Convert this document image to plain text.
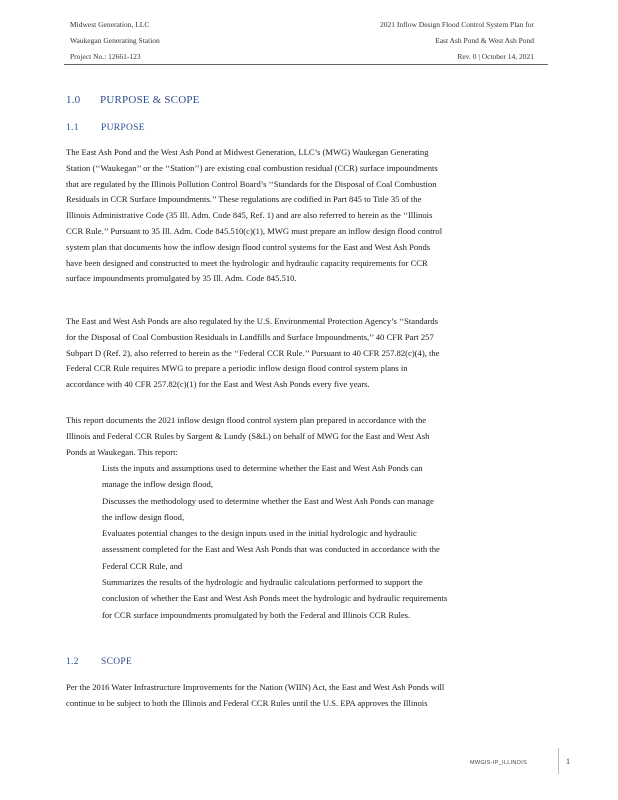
Midwest Generation, LLC
Waukegan Generating Station
Project No.: 12661-123
2021 Inflow Design Flood Control System Plan for
East Ash Pond & West Ash Pond
Rev. 0 | October 14, 2021
1.0 PURPOSE & SCOPE
1.1 PURPOSE

The East Ash Pond and the West Ash Pond at Midwest Generation, LLC’s (MWG) Waukegan Generating
Station (‘‘Waukegan’’ or the ‘‘Station’’) are existing coal combustion residual (CCR) surface impoundments
that are regulated by the Illinois Pollution Control Board’s ‘‘Standards for the Disposal of Coal Combustion
Residuals in CCR Surface Impoundments.’’ These regulations are codified in Part 845 to Title 35 of the
Illinois Administrative Code (35 Ill. Adm. Code 845, Ref. 1) and are also referred to herein as the ‘‘Illinois
CCR Rule.’’ Pursuant to 35 Ill. Adm. Code 845.510(c)(1), MWG must prepare an inflow design flood control
system plan that documents how the inflow design flood control systems for the East and West Ash Ponds
have been designed and constructed to meet the hydrologic and hydraulic capacity requirements for CCR
surface impoundments promulgated by 35 Ill. Adm. Code 845.510.

The East and West Ash Ponds are also regulated by the U.S. Environmental Protection Agency’s ‘‘Standards
for the Disposal of Coal Combustion Residuals in Landfills and Surface Impoundments,’’ 40 CFR Part 257
Subpart D (Ref. 2), also referred to herein as the ‘‘Federal CCR Rule.’’ Pursuant to 40 CFR 257.82(c)(4), the
Federal CCR Rule requires MWG to prepare a periodic inflow design flood control system plans in
accordance with 40 CFR 257.82(c)(1) for the East and West Ash Ponds every five years.

This report documents the 2021 inflow design flood control system plan prepared in accordance with the
Illinois and Federal CCR Rules by Sargent & Lundy (S&L) on behalf of MWG for the East and West Ash
Ponds at Waukegan. This report:

Lists the inputs and assumptions used to determine whether the East and West Ash Ponds can
manage the inflow design flood,
Discusses the methodology used to determine whether the East and West Ash Ponds can manage
the inflow design flood,
Evaluates potential changes to the design inputs used in the initial hydrologic and hydraulic
assessment completed for the East and West Ash Ponds that was conducted in accordance with the
Federal CCR Rule, and
Summarizes the results of the hydrologic and hydraulic calculations performed to support the
conclusion of whether the East and West Ash Ponds meet the hydrologic and hydraulic requirements
for CCR surface impoundments promulgated by both the Federal and Illinois CCR Rules.
1.2 SCOPE

Per the 2016 Water Infrastructure Improvements for the Nation (WIIN) Act, the East and West Ash Ponds will
continue to be subject to both the Illinois and Federal CCR Rules until the U.S. EPA approves the Illinois

MWGIS-IP_ILLINOIS	1
